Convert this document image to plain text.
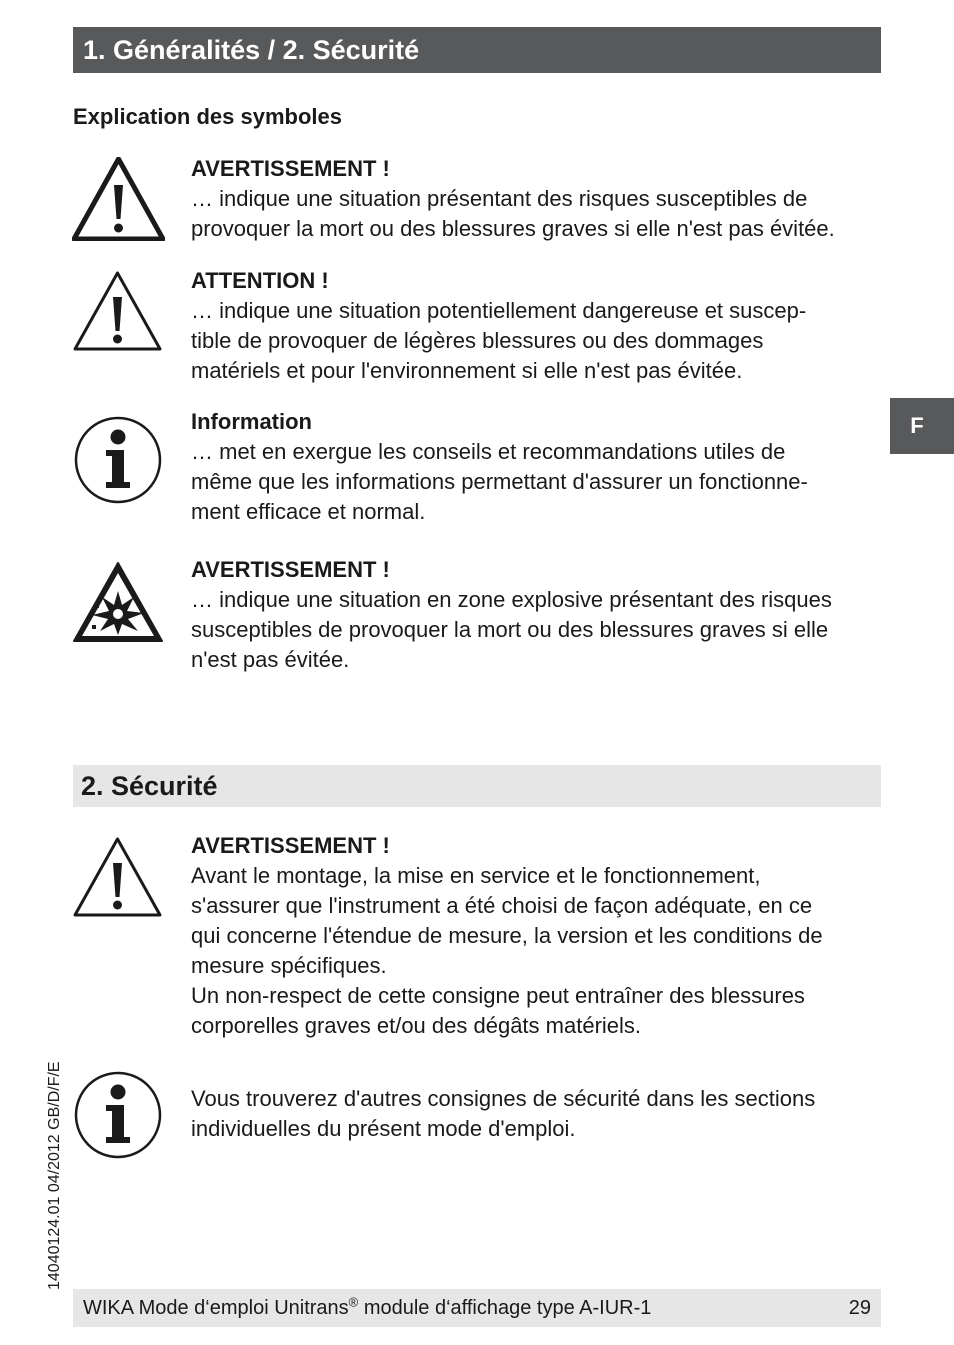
1. Généralités / 2. Sécurité
Explication des symboles

AVERTISSEMENT !

… indique une situation présentant des risques susceptibles de

provoquer la mort ou des blessures graves si elle n'est pas évitée.

ATTENTION !

… indique une situation potentiellement dangereuse et suscep-

tible de provoquer de légères blessures ou des dommages

matériels et pour l'environnement si elle n'est pas évitée.

Information

… met en exergue les conseils et recommandations utiles de

même que les informations permettant d'assurer un fonctionne-

ment efficace et normal.

AVERTISSEMENT !

… indique une situation en zone explosive présentant des risques

susceptibles de provoquer la mort ou des blessures graves si elle

n'est pas évitée.

2. Sécurité

AVERTISSEMENT !

Avant le montage, la mise en service et le fonctionnement,

s'assurer que l'instrument a été choisi de façon adéquate, en ce

qui concerne l'étendue de mesure, la version et les conditions de

mesure spécifiques.

Un non-respect de cette consigne peut entraîner des blessures

corporelles graves et/ou des dégâts matériels.

Vous trouverez d'autres consignes de sécurité dans les sections

individuelles du présent mode d'emploi.

F
14040124.01 04/2012 GB/D/F/E
WIKA Mode d‘emploi Unitrans® module d‘affichage type A-IUR-1	29
